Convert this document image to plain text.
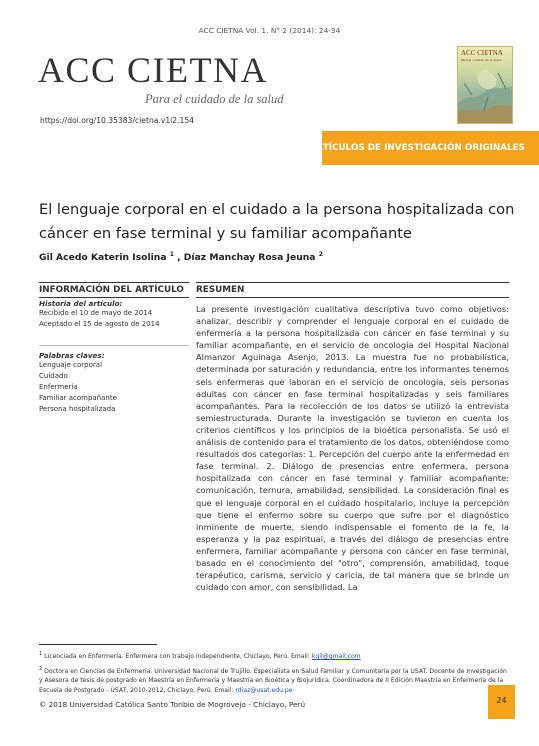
ACC CIETNA Vol. 1. N° 2 (2014): 24-34
ACC CIETNA
Para el cuidado de la salud
https://doi.org/10.35383/cietna.v1i2.154
ACC CIETNA
Para el cuidado de la salud
ARTÍCULOS DE INVESTIGACIÓN ORIGINALES
El lenguaje corporal en el cuidado a la persona hospitalizada con cáncer en fase terminal y su familiar acompañante
Gil Acedo Katerin Isolina $^1$ , Díaz Manchay Rosa Jeuna $^2$
INFORMACIÓN DEL ARTÍCULO RESUMEN
Historia del artículo:
Recibido el 10 de mayo de 2014
Aceptado el 15 de agosto de 2014
Palabras claves:
Lenguaje corporal
Cuidado
Enfermería
Familiar acompañante
Persona hospitalizada
La presente investigación cualitativa descriptiva tuvo como objetivos: analizar, describir y comprender el lenguaje corporal en el cuidado de enfermería a la persona hospitalizada con cáncer en fase terminal y su familiar acompañante, en el servicio de oncología del Hospital Nacional Almanzor Aguinaga Asenjo, 2013. La muestra fue no probabilística, determinada por saturación y redundancia, entre los informantes tenemos seis enfermeras que laboran en el servicio de oncología, seis personas adultas con cáncer en fase terminal hospitalizadas y seis familiares acompañantes. Para la recolección de los datos se utilizó la entrevista semiestructurada. Durante la investigación se tuvieron en cuenta los criterios científicos y los principios de la bioética personalista. Se usó el análisis de contenido para el tratamiento de los datos, obteniéndose como resultados dos categorías: 1. Percepción del cuerpo ante la enfermedad en fase terminal. 2. Diálogo de presencias entre enfermera, persona hospitalizada con cáncer en fase terminal y familiar acompañante: comunicación, ternura, amabilidad, sensibilidad. La consideración final es que el lenguaje corporal en el cuidado hospitalario, incluye la percepción que tiene el enfermo sobre su cuerpo que sufre por el diagnóstico inminente de muerte, siendo indispensable el fomento de la fe, la esperanza y la paz espiritual, a través del diálogo de presencias entre enfermera, familiar acompañante y persona con cáncer en fase terminal, basado en el conocimiento del "otro", comprensión, amabilidad, toque terapéutico, carisma, servicio y caricia, de tal manera que se brinde un cuidado con amor, con sensibilidad. La
$^1$ Licenciada en Enfermería. Enfermera con trabajo independiente, Chiclayo, Perú. Email: kgil@gmail.com
$^2$ Doctora en Ciencias de Enfermería. Universidad Nacional de Trujillo. Especialista en Salud Familiar y Comunitaria por la USAT. Docente de Investigación y Asesora de tesis de postgrado en Maestría en Enfermería y Maestría en Bioética y Biojurídica. Coordinadora de II Edición Maestría en Enfermería de la Escuela de Postgrado - USAT, 2010-2012, Chiclayo, Perú. Email: rdiaz@usat.edu.pe
© 2018 Universidad Católica Santo Toribio de Mogrovejo - Chiclayo, Perú	24
